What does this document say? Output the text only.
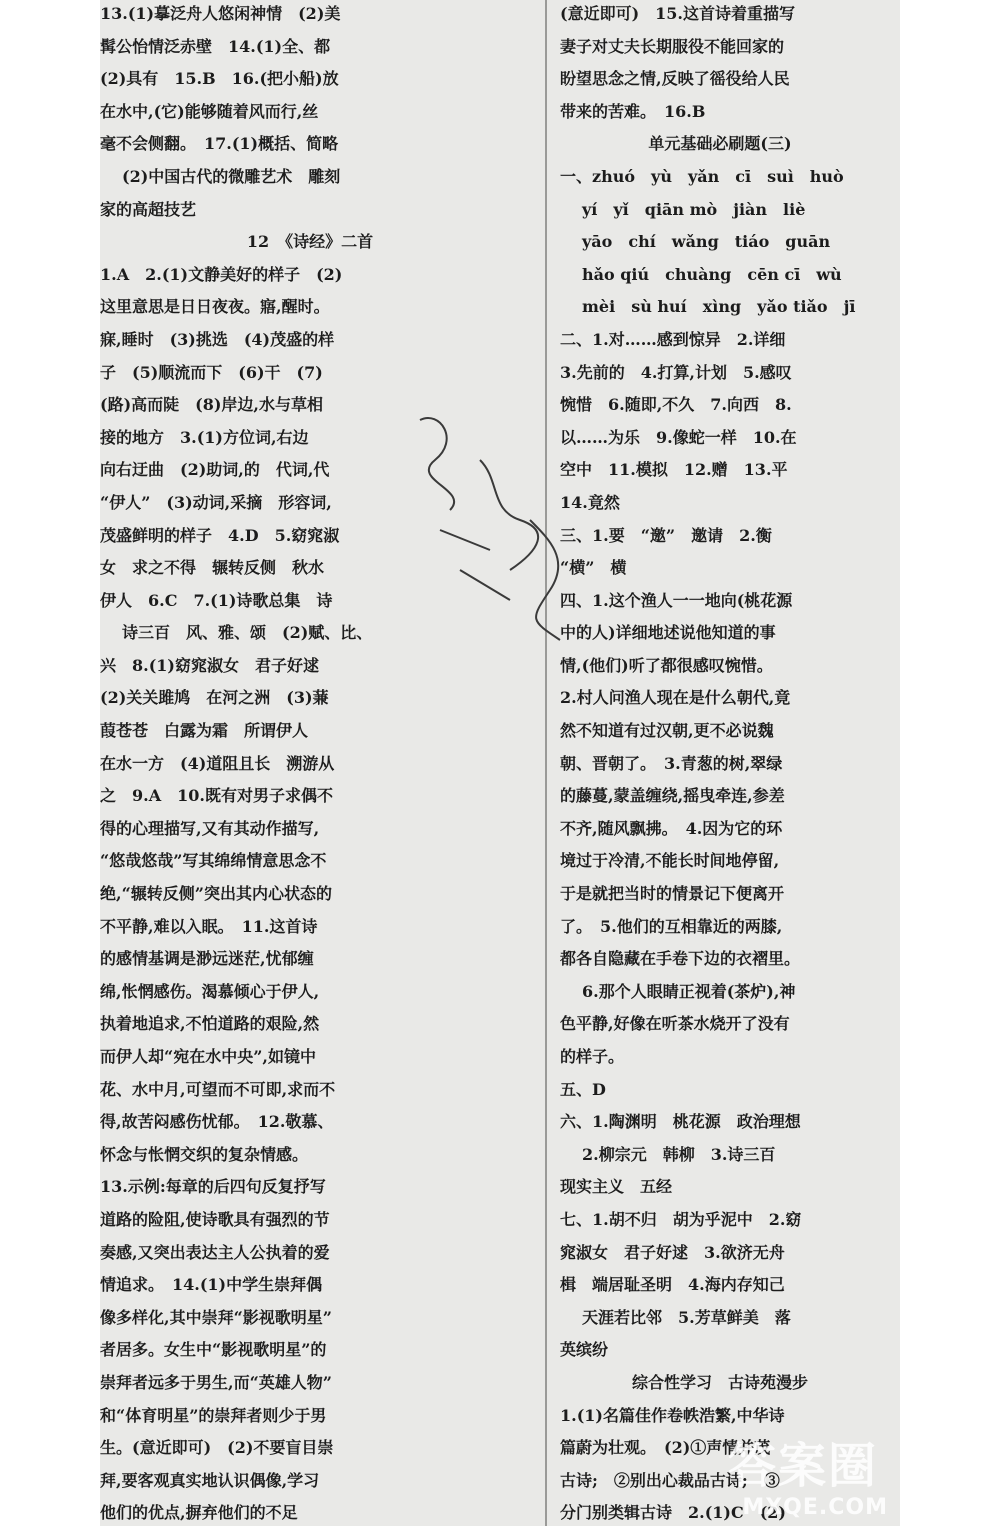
13.(1)摹泛舟人悠闲神情　(2)美
髯公怡情泛赤壁　14.(1)全、都
(2)具有　15.B　16.(把小船)放
在水中,(它)能够随着风而行,丝
毫不会侧翻。　17.(1)概括、简略
(2)中国古代的微雕艺术　雕刻
家的高超技艺
12　《诗经》二首
1.A　2.(1)文静美好的样子　(2)
这里意思是日日夜夜。寤,醒时。
寐,睡时　(3)挑选　(4)茂盛的样
子　(5)顺流而下　(6)干　(7)
(路)高而陡　(8)岸边,水与草相
接的地方　3.(1)方位词,右边
向右迂曲　(2)助词,的　代词,代
“伊人”　(3)动词,采摘　形容词,
茂盛鲜明的样子　4.D　5.窈窕淑
女　求之不得　辗转反侧　秋水
伊人　6.C　7.(1)诗歌总集　诗
诗三百　风、雅、颂　(2)赋、比、
兴　8.(1)窈窕淑女　君子好逑
(2)关关雎鸠　在河之洲　(3)蒹
葭苍苍　白露为霜　所谓伊人
在水一方　(4)道阻且长　溯游从
之　9.A　10.既有对男子求偶不
得的心理描写,又有其动作描写,
“悠哉悠哉”写其绵绵情意思念不
绝,“辗转反侧”突出其内心状态的
不平静,难以入眠。　11.这首诗
的感情基调是渺远迷茫,忧郁缠
绵,怅惘感伤。渴慕倾心于伊人,
执着地追求,不怕道路的艰险,然
而伊人却“宛在水中央”,如镜中
花、水中月,可望而不可即,求而不
得,故苦闷感伤忧郁。　12.敬慕、
怀念与怅惘交织的复杂情感。
13.示例:每章的后四句反复抒写
道路的险阻,使诗歌具有强烈的节
奏感,又突出表达主人公执着的爱
情追求。　14.(1)中学生崇拜偶
像多样化,其中崇拜“影视歌明星”
者居多。女生中“影视歌明星”的
崇拜者远多于男生,而“英雄人物”
和“体育明星”的崇拜者则少于男
生。(意近即可)　(2)不要盲目崇
拜,要客观真实地认识偶像,学习
他们的优点,摒弃他们的不足
(意近即可)　15.这首诗着重描写
妻子对丈夫长期服役不能回家的
盼望思念之情,反映了徭役给人民
带来的苦难。　16.B
单元基础必刷题(三)
一、zhuó　yù　yǎn　cī　suì　huò
yí　yǐ　qiān mò　jiàn　liè
yāo　chí　wǎng　tiáo　guān
hǎo qiú　chuàng　cēn cī　wù
mèi　sù huí　xìng　yǎo tiǎo　jī
二、1.对……感到惊异　2.详细
3.先前的　4.打算,计划　5.感叹
惋惜　6.随即,不久　7.向西　8.
以……为乐　9.像蛇一样　10.在
空中　11.模拟　12.赠　13.平
14.竟然
三、1.要　“邀”　邀请　2.衡
“横”　横
四、1.这个渔人一一地向(桃花源
中的人)详细地述说他知道的事
情,(他们)听了都很感叹惋惜。
2.村人问渔人现在是什么朝代,竟
然不知道有过汉朝,更不必说魏
朝、晋朝了。　3.青葱的树,翠绿
的藤蔓,蒙盖缠绕,摇曳牵连,参差
不齐,随风飘拂。　4.因为它的环
境过于冷清,不能长时间地停留,
于是就把当时的情景记下便离开
了。　5.他们的互相靠近的两膝,
都各自隐藏在手卷下边的衣褶里。
6.那个人眼睛正视着(茶炉),神
色平静,好像在听茶水烧开了没有
的样子。
五、D
六、1.陶渊明　桃花源　政治理想
2.柳宗元　韩柳　3.诗三百
现实主义　五经
七、1.胡不归　胡为乎泥中　2.窈
窕淑女　君子好逑　3.欲济无舟
楫　端居耻圣明　4.海内存知己
天涯若比邻　5.芳草鲜美　落
英缤纷
综合性学习　古诗苑漫步
1.(1)名篇佳作卷帙浩繁,中华诗
篇蔚为壮观。　(2)①声情并茂
古诗;　②别出心裁品古诗;　③
分门别类辑古诗　2.(1)C　(2)
答案圈
MXQE.COM
